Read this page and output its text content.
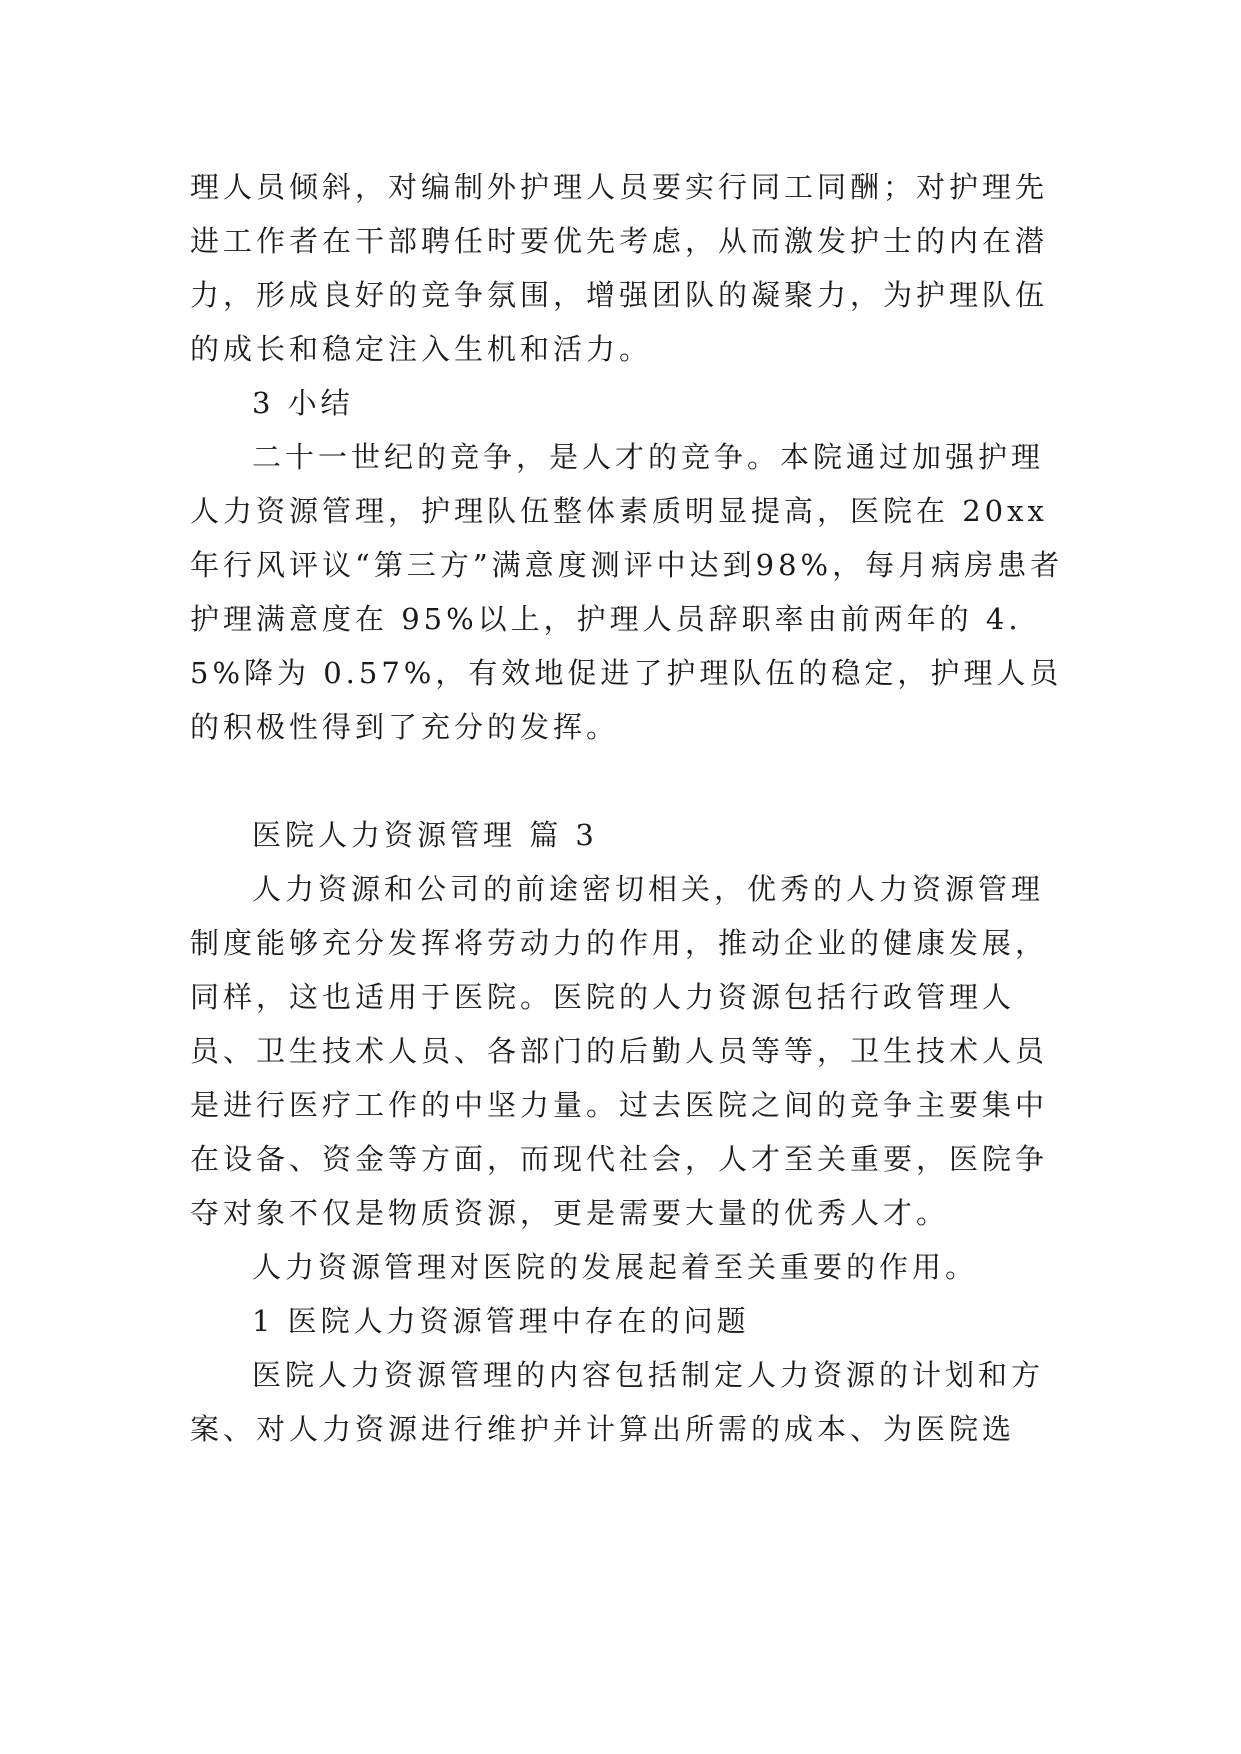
理人员倾斜，对编制外护理人员要实行同工同酬；对护理先进工作者在干部聘任时要优先考虑，从而激发护士的内在潜力，形成良好的竞争氛围，增强团队的凝聚力，为护理队伍的成长和稳定注入生机和活力。

3 小结

二十一世纪的竞争，是人才的竞争。本院通过加强护理人力资源管理，护理队伍整体素质明显提高，医院在 20xx 年行风评议“第三方”满意度测评中达到98%，每月病房患者护理满意度在 95%以上，护理人员辞职率由前两年的 4.5%降为 0.57%，有效地促进了护理队伍的稳定，护理人员的积极性得到了充分的发挥。

医院人力资源管理 篇 3

人力资源和公司的前途密切相关，优秀的人力资源管理制度能够充分发挥将劳动力的作用，推动企业的健康发展，同样，这也适用于医院。医院的人力资源包括行政管理人员、卫生技术人员、各部门的后勤人员等等，卫生技术人员是进行医疗工作的中坚力量。过去医院之间的竞争主要集中在设备、资金等方面，而现代社会，人才至关重要，医院争夺对象不仅是物质资源，更是需要大量的优秀人才。

人力资源管理对医院的发展起着至关重要的作用。

1 医院人力资源管理中存在的问题

医院人力资源管理的内容包括制定人力资源的计划和方案、对人力资源进行维护并计算出所需的成本、为医院选
